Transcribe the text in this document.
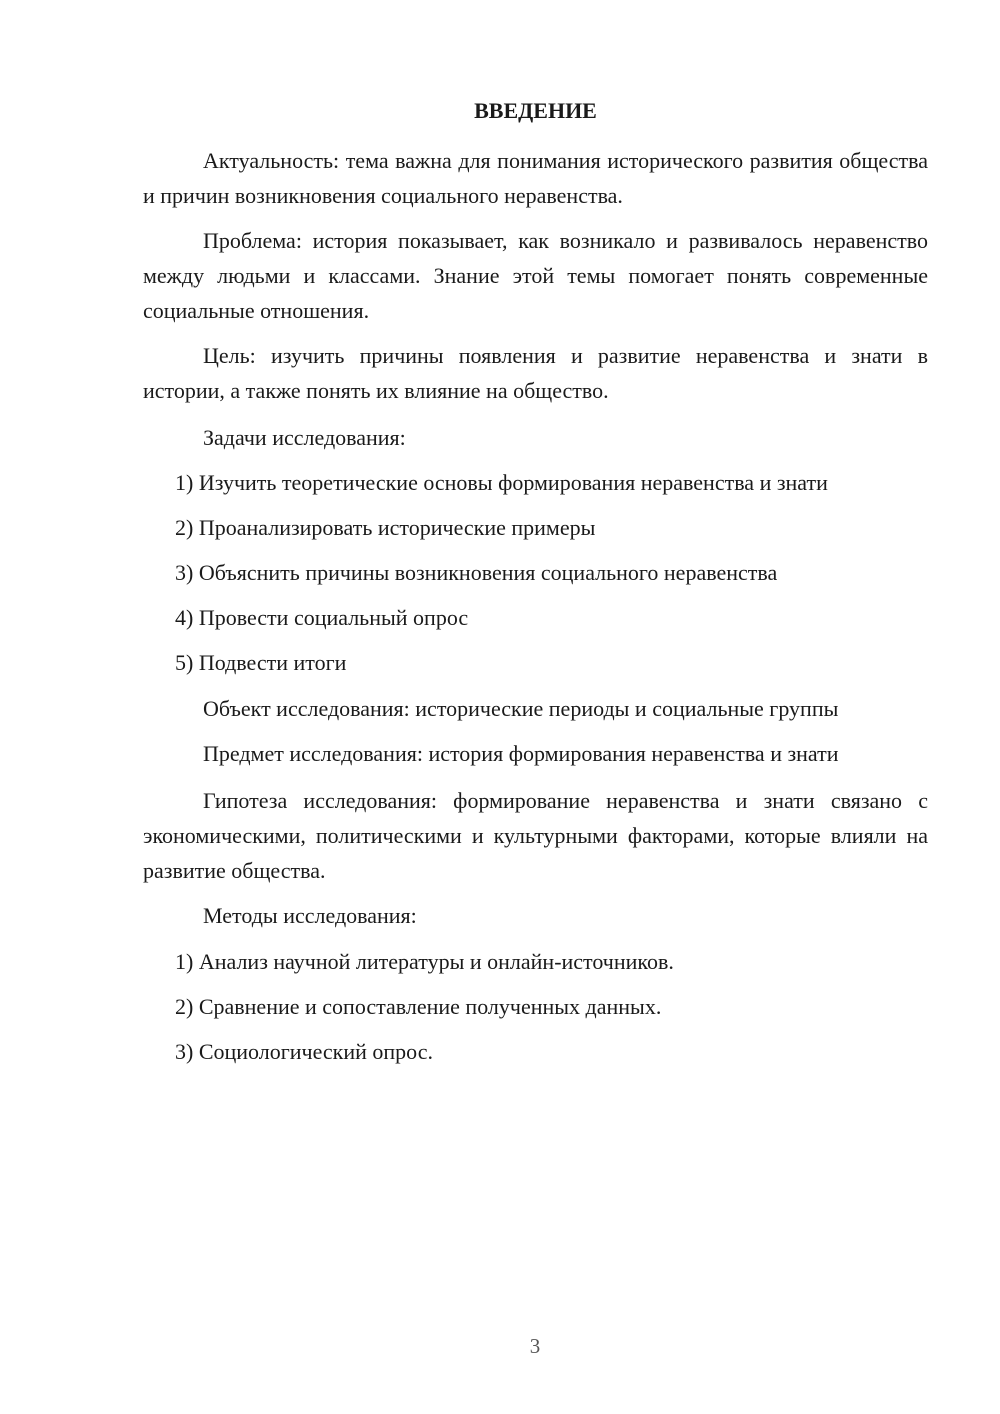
ВВЕДЕНИЕ

Актуальность: тема важна для понимания исторического развития общества и причин возникновения социального неравенства.

Проблема: история показывает, как возникало и развивалось неравенство между людьми и классами. Знание этой темы помогает понять современные социальные отношения.

Цель: изучить причины появления и развитие неравенства и знати в истории, а также понять их влияние на общество.

Задачи исследования:

1) Изучить теоретические основы формирования неравенства и знати

2) Проанализировать исторические примеры

3) Объяснить причины возникновения социального неравенства

4) Провести социальный опрос

5) Подвести итоги

Объект исследования: исторические периоды и социальные группы

Предмет исследования: история формирования неравенства и знати

Гипотеза исследования: формирование неравенства и знати связано с экономическими, политическими и культурными факторами, которые влияли на развитие общества.

Методы исследования:

1) Анализ научной литературы и онлайн-источников.

2) Сравнение и сопоставление полученных данных.

3) Социологический опрос.

3
